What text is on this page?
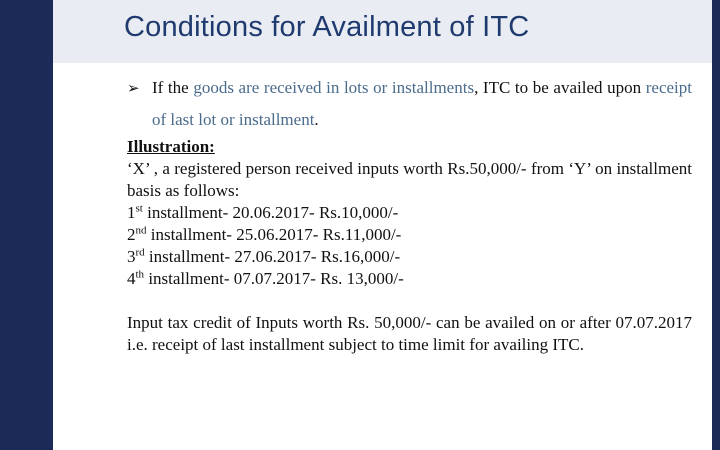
Conditions for Availment of ITC
➢ If the goods are received in lots or installments, ITC to be availed upon receipt of last lot or installment.
Illustration:
‘X’ , a registered person received inputs worth Rs.50,000/- from ‘Y’ on installment basis as follows:
1st installment- 20.06.2017- Rs.10,000/-
2nd installment- 25.06.2017- Rs.11,000/-
3rd installment- 27.06.2017- Rs.16,000/-
4th installment- 07.07.2017- Rs. 13,000/-
Input tax credit of Inputs worth Rs. 50,000/- can be availed on or after 07.07.2017 i.e. receipt of last installment subject to time limit for availing ITC.
